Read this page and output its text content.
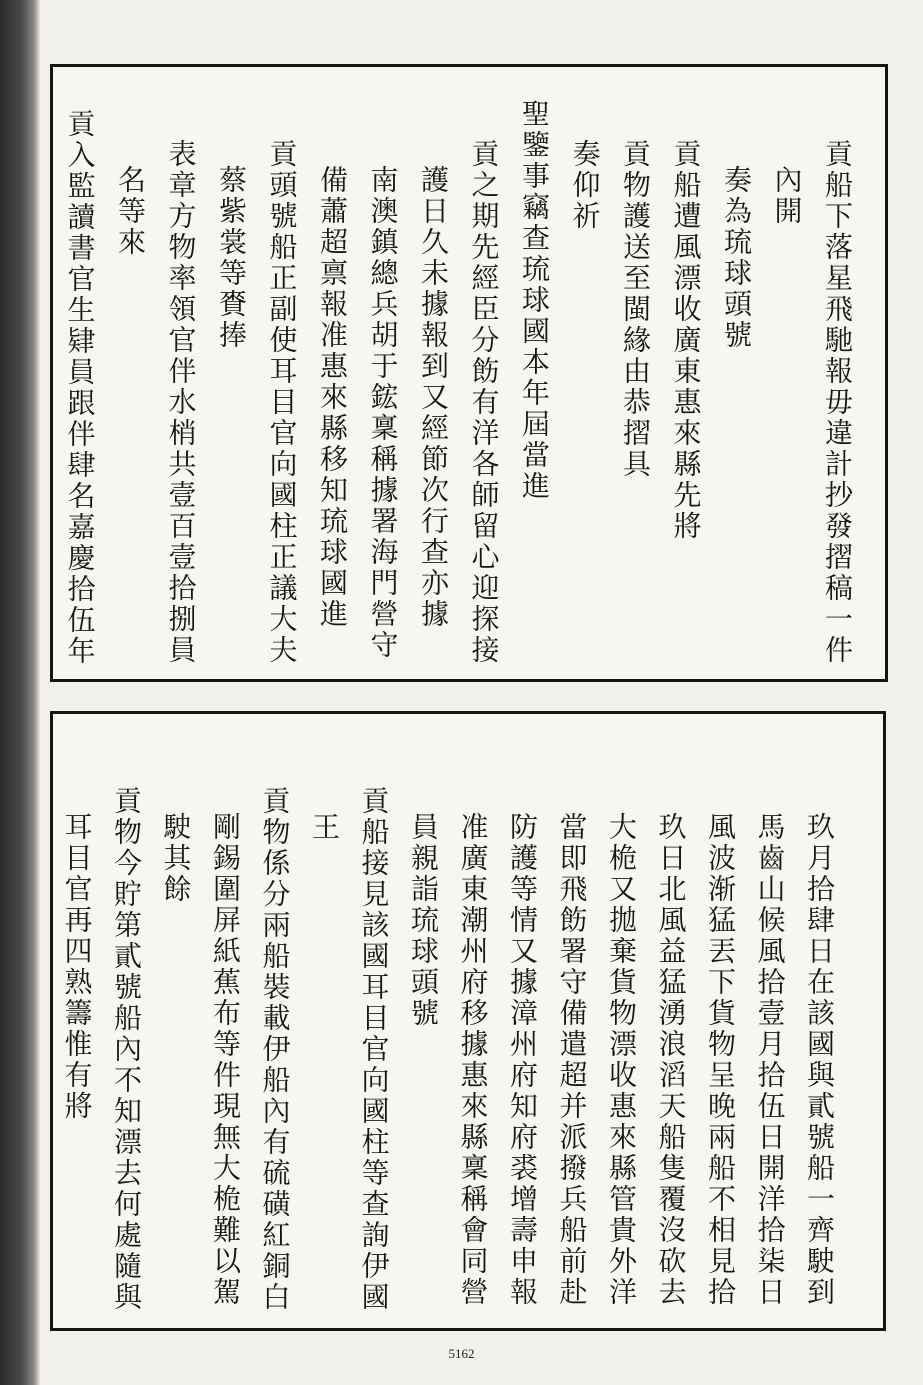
貢船下落星飛馳報毋違計抄發摺稿一件
內開
奏為琉球頭號
貢船遭風漂收廣東惠來縣先將
貢物護送至閩緣由恭摺具
奏仰祈
聖鑒事竊查琉球國本年屆當進
貢之期先經臣分飭有洋各師留心迎探接
護日久未據報到又經節次行查亦據
南澳鎮總兵胡于鋐稟稱據署海門營守
備蕭超禀報准惠來縣移知琉球國進
貢頭號船正副使耳目官向國柱正議大夫
蔡紫裳等賚捧
表章方物率領官伴水梢共壹百壹拾捌員
名等來
貢入監讀書官生肄員跟伴肆名嘉慶拾伍年
玖月拾肆日在該國與貳號船一齊駛到
馬齒山候風拾壹月拾伍日開洋拾柒日
風波渐猛丟下貨物呈晚兩船不相見拾
玖日北風益猛湧浪滔天船隻覆沒砍去
大桅又拋棄貨物漂收惠來縣管貴外洋
當即飛飭署守備遣超并派撥兵船前赴
防護等情又據漳州府知府裘增壽申報
准廣東潮州府移據惠來縣稟稱會同營
員親詣琉球頭號
貢船接見該國耳目官向國柱等查詢伊國
王
貢物係分兩船裝載伊船內有硫磺紅銅白
剛錫圍屏紙蕉布等件現無大桅難以駕
駛其餘
貢物今貯第貳號船內不知漂去何處隨與
耳目官再四熟籌惟有將
5162
